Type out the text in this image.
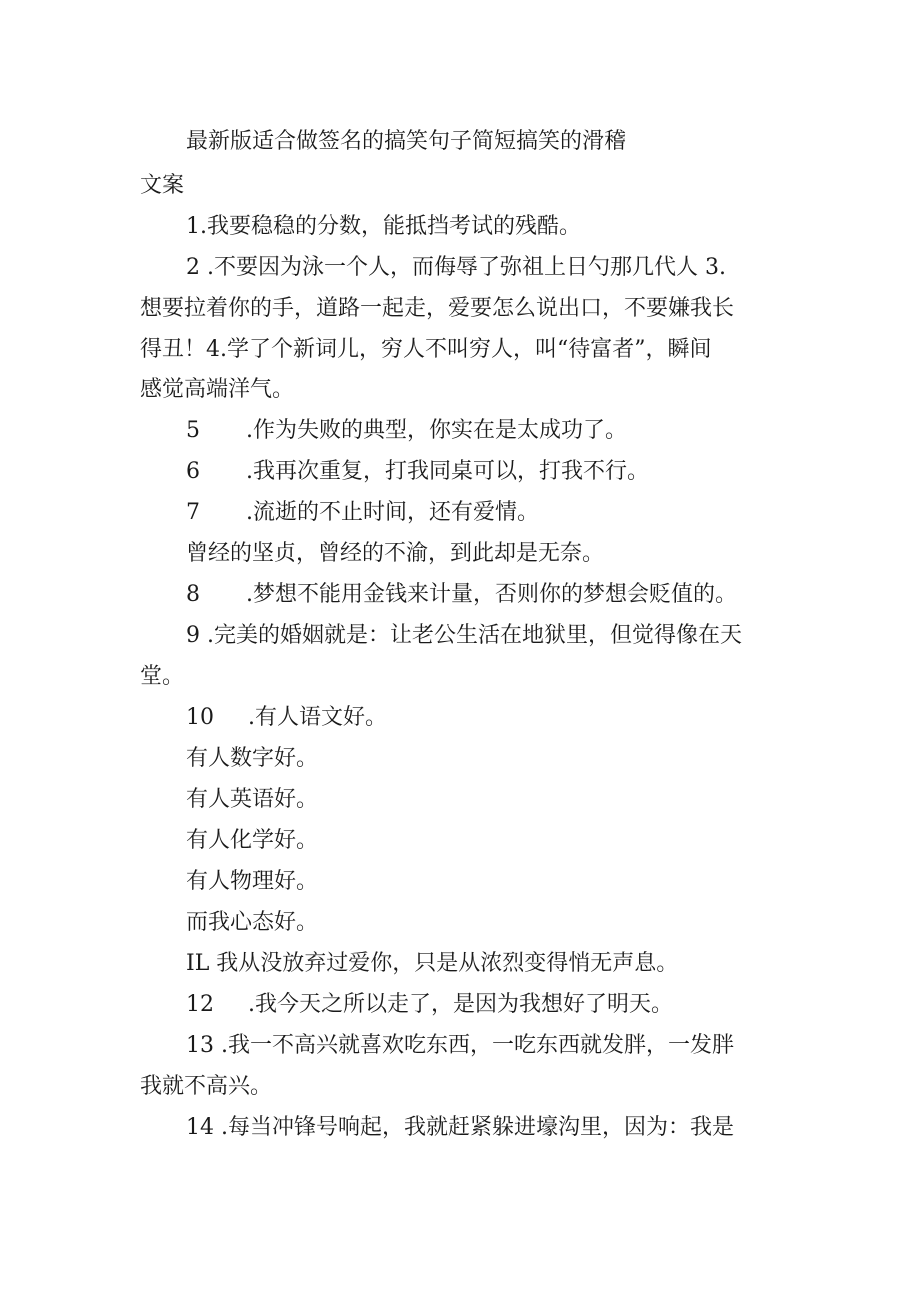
最新版适合做签名的搞笑句子简短搞笑的滑稽
文案
1.我要稳稳的分数，能抵挡考试的残酷。
2 .不要因为泳一个人，而侮辱了弥祖上日勺那几代人 3.
想要拉着你的手，道路一起走，爱要怎么说出口，不要嫌我长
得丑！4.学了个新词儿，穷人不叫穷人，叫“待富者”，瞬间
感觉高端洋气。
5 .作为失败的典型，你实在是太成功了。
6 .我再次重复，打我同桌可以，打我不行。
7 .流逝的不止时间，还有爱情。
曾经的坚贞，曾经的不渝，到此却是无奈。
8 .梦想不能用金钱来计量，否则你的梦想会贬值的。
9 .完美的婚姻就是：让老公生活在地狱里，但觉得像在天
堂。
10 .有人语文好。
有人数字好。
有人英语好。
有人化学好。
有人物理好。
而我心态好。
IL 我从没放弃过爱你，只是从浓烈变得悄无声息。
12 .我今天之所以走了，是因为我想好了明天。
13 .我一不高兴就喜欢吃东西，一吃东西就发胖，一发胖
我就不高兴。
14 .每当冲锋号响起，我就赶紧躲进壕沟里，因为：我是
